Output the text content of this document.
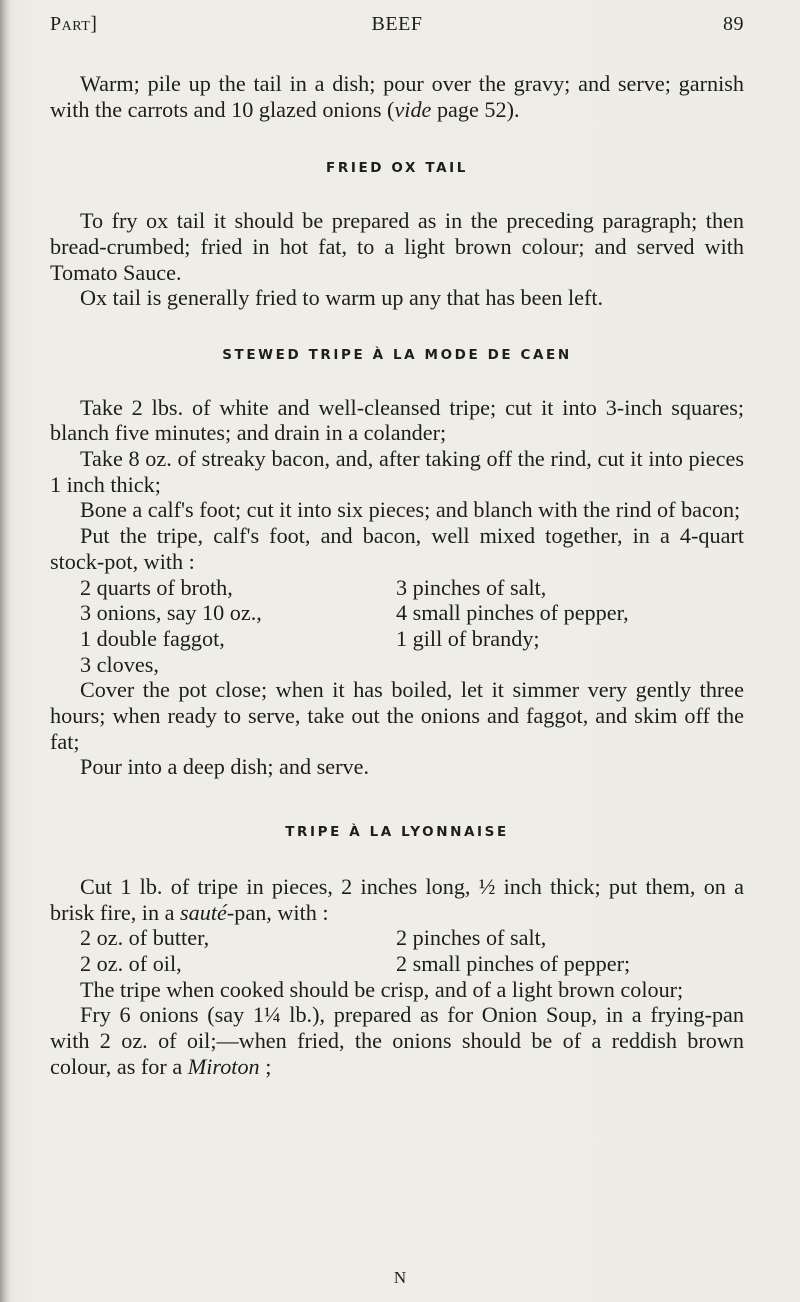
Part]	BEEF	89

Warm; pile up the tail in a dish; pour over the gravy; and serve; garnish with the carrots and 10 glazed onions (vide page 52).

FRIED OX TAIL

To fry ox tail it should be prepared as in the preceding paragraph; then bread-crumbed; fried in hot fat, to a light brown colour; and served with Tomato Sauce.

Ox tail is generally fried to warm up any that has been left.

STEWED TRIPE À LA MODE DE CAEN

Take 2 lbs. of white and well-cleansed tripe; cut it into 3-inch squares; blanch five minutes; and drain in a colander;

Take 8 oz. of streaky bacon, and, after taking off the rind, cut it into pieces 1 inch thick;

Bone a calf's foot; cut it into six pieces; and blanch with the rind of bacon;

Put the tripe, calf's foot, and bacon, well mixed together, in a 4-quart stock-pot, with :

2 quarts of broth,	3 pinches of salt,
3 onions, say 10 oz.,	4 small pinches of pepper,
1 double faggot,	1 gill of brandy;
3 cloves,

Cover the pot close; when it has boiled, let it simmer very gently three hours; when ready to serve, take out the onions and faggot, and skim off the fat;

Pour into a deep dish; and serve.

TRIPE À LA LYONNAISE

Cut 1 lb. of tripe in pieces, 2 inches long, ½ inch thick; put them, on a brisk fire, in a sauté-pan, with :

2 oz. of butter,	2 pinches of salt,
2 oz. of oil,	2 small pinches of pepper;

The tripe when cooked should be crisp, and of a light brown colour;

Fry 6 onions (say 1¼ lb.), prepared as for Onion Soup, in a frying-pan with 2 oz. of oil;—when fried, the onions should be of a reddish brown colour, as for a Miroton ;

N
